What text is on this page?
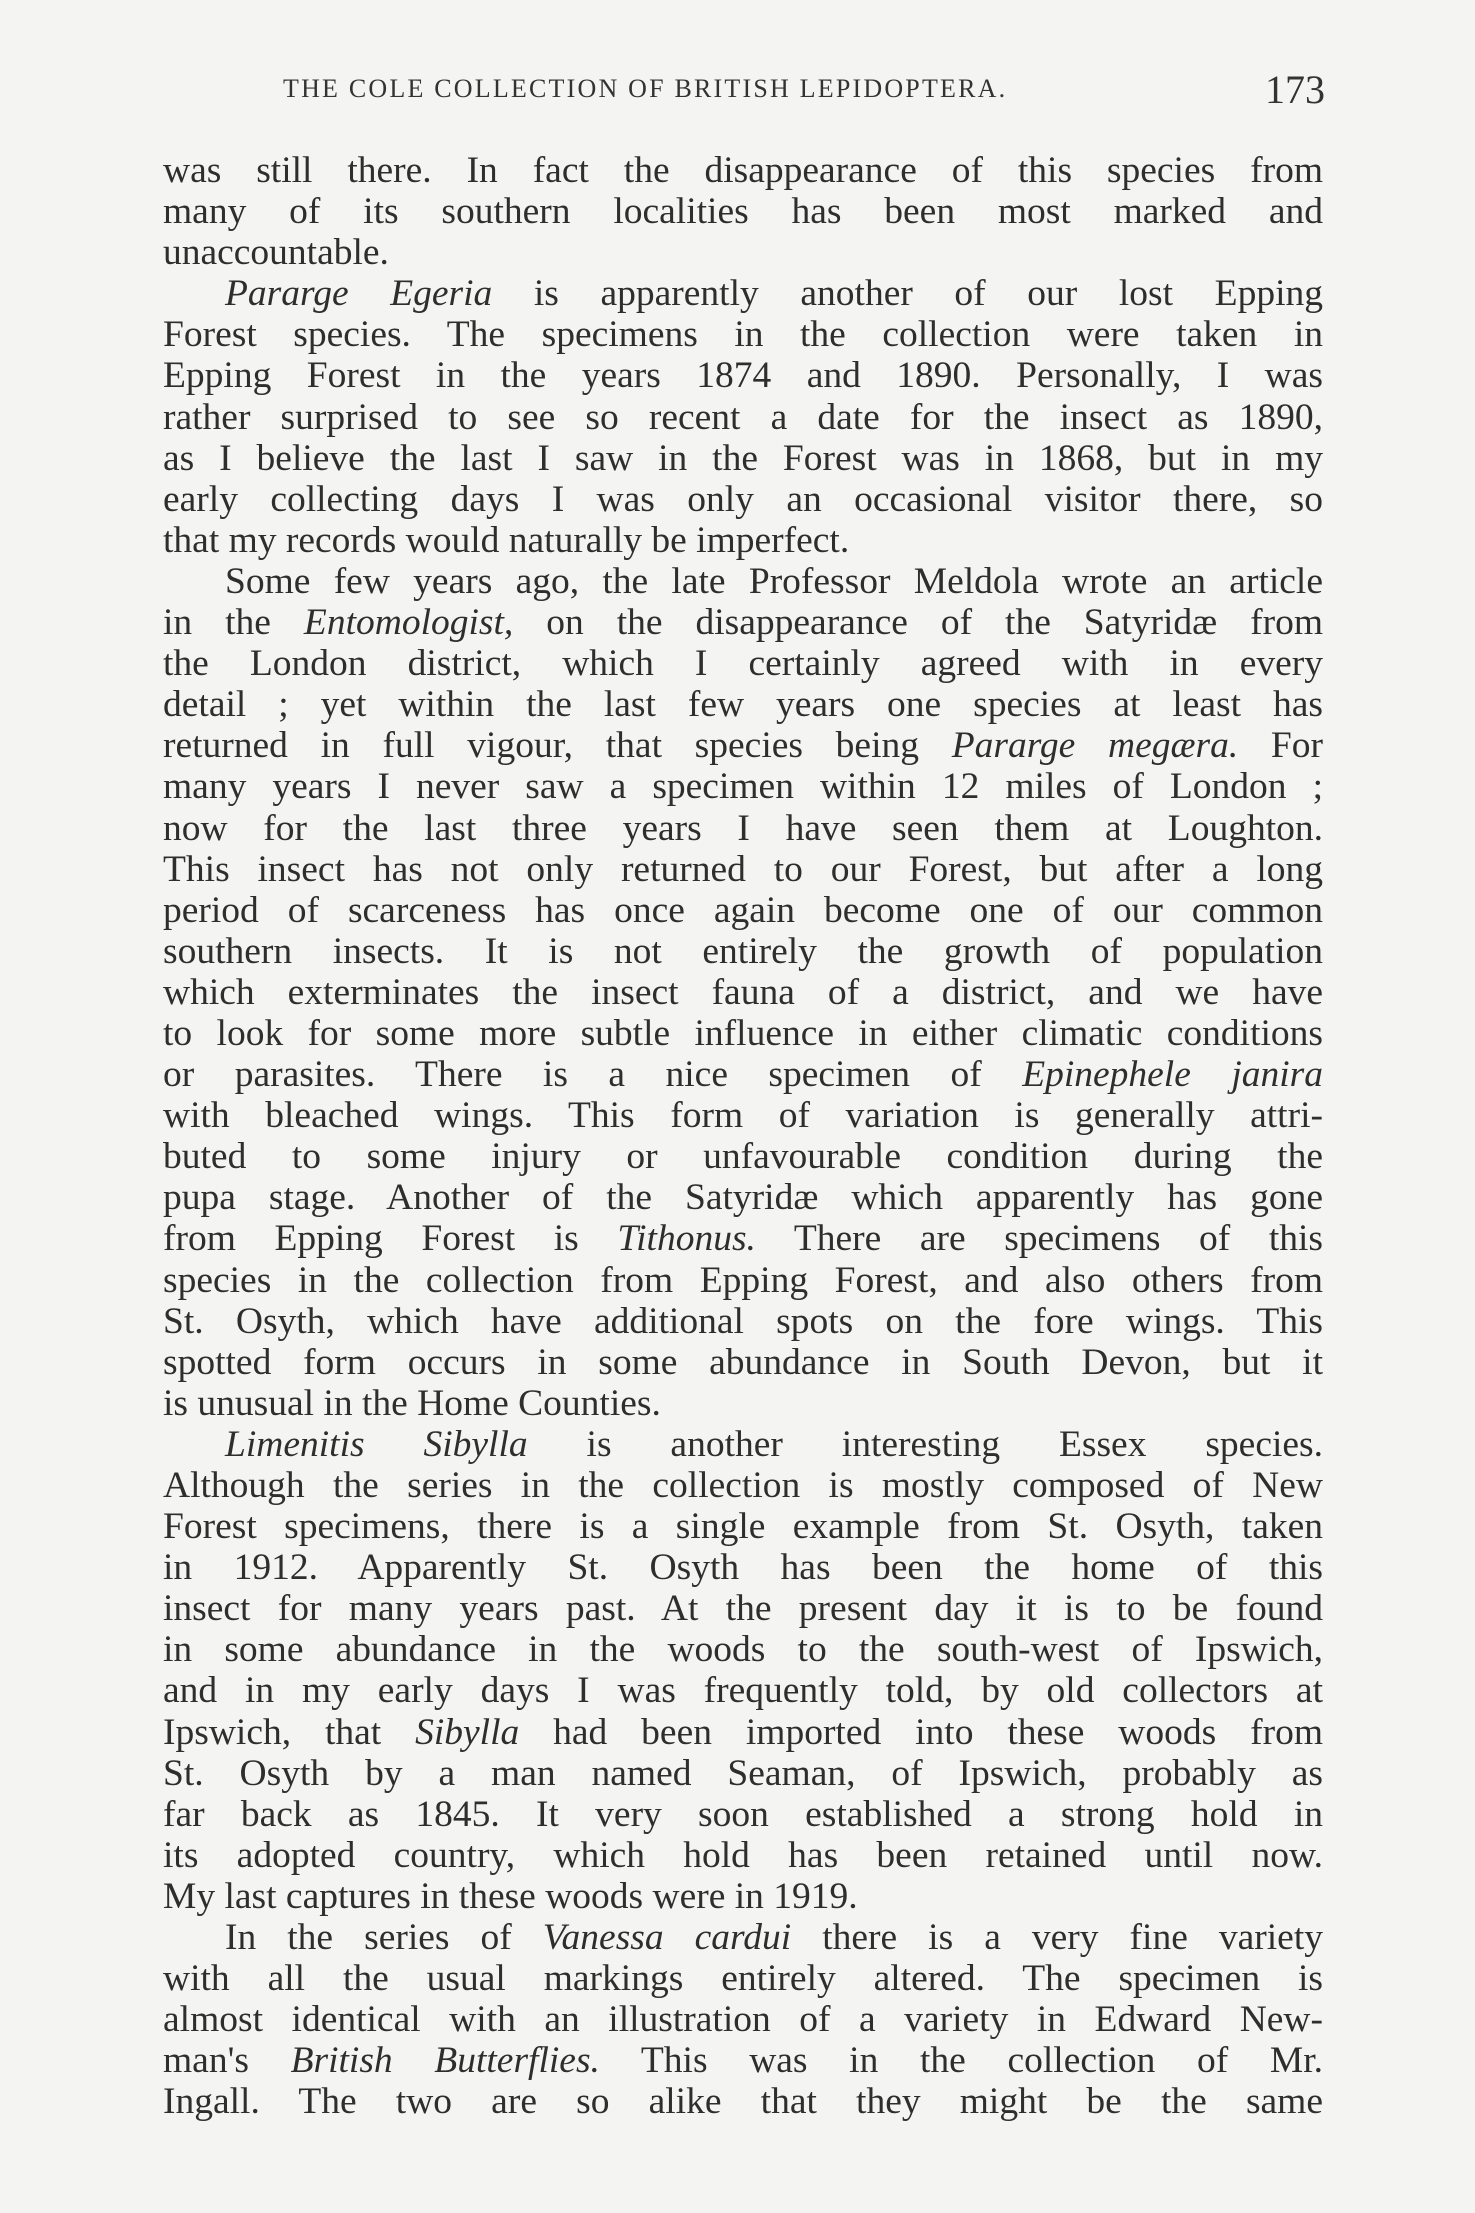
THE COLE COLLECTION OF BRITISH LEPIDOPTERA.	173
was still there. In fact the disappearance of this species from
many of its southern localities has been most marked and
unaccountable.
Pararge Egeria is apparently another of our lost Epping
Forest species. The specimens in the collection were taken in
Epping Forest in the years 1874 and 1890. Personally, I was
rather surprised to see so recent a date for the insect as 1890,
as I believe the last I saw in the Forest was in 1868, but in my
early collecting days I was only an occasional visitor there, so
that my records would naturally be imperfect.
Some few years ago, the late Professor Meldola wrote an article
in the Entomologist, on the disappearance of the Satyridæ from
the London district, which I certainly agreed with in every
detail ; yet within the last few years one species at least has
returned in full vigour, that species being Pararge megæra. For
many years I never saw a specimen within 12 miles of London ;
now for the last three years I have seen them at Loughton.
This insect has not only returned to our Forest, but after a long
period of scarceness has once again become one of our common
southern insects. It is not entirely the growth of population
which exterminates the insect fauna of a district, and we have
to look for some more subtle influence in either climatic conditions
or parasites. There is a nice specimen of Epinephele janira
with bleached wings. This form of variation is generally attri-
buted to some injury or unfavourable condition during the
pupa stage. Another of the Satyridæ which apparently has gone
from Epping Forest is Tithonus. There are specimens of this
species in the collection from Epping Forest, and also others from
St. Osyth, which have additional spots on the fore wings. This
spotted form occurs in some abundance in South Devon, but it
is unusual in the Home Counties.
Limenitis Sibylla is another interesting Essex species.
Although the series in the collection is mostly composed of New
Forest specimens, there is a single example from St. Osyth, taken
in 1912. Apparently St. Osyth has been the home of this
insect for many years past. At the present day it is to be found
in some abundance in the woods to the south-west of Ipswich,
and in my early days I was frequently told, by old collectors at
Ipswich, that Sibylla had been imported into these woods from
St. Osyth by a man named Seaman, of Ipswich, probably as
far back as 1845. It very soon established a strong hold in
its adopted country, which hold has been retained until now.
My last captures in these woods were in 1919.
In the series of Vanessa cardui there is a very fine variety
with all the usual markings entirely altered. The specimen is
almost identical with an illustration of a variety in Edward New-
man's British Butterflies. This was in the collection of Mr.
Ingall. The two are so alike that they might be the same
